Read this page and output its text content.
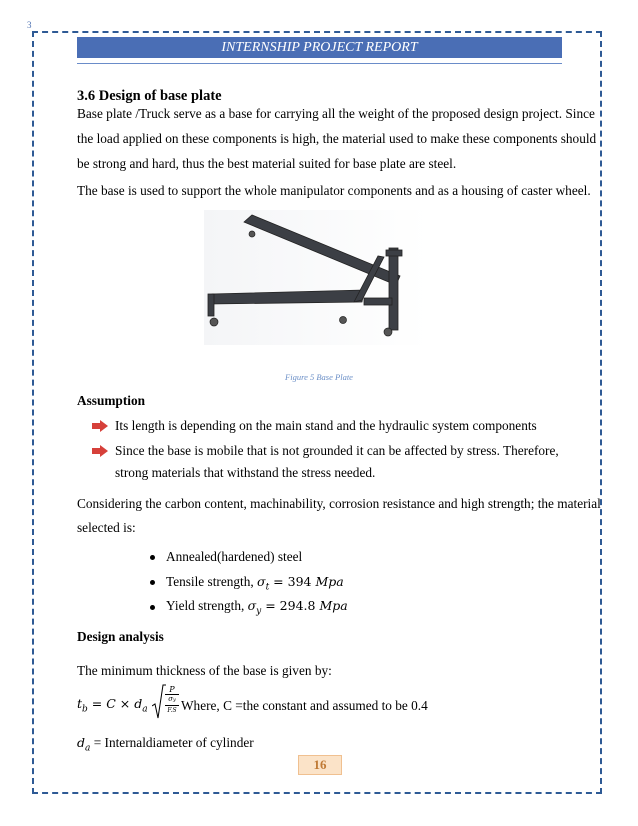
3
INTERNSHIP PROJECT REPORT
3.6 Design of base plate
Base plate /Truck serve as a base for carrying all the weight of the proposed design project. Since
the load applied on these components is high, the material used to make these components should
be strong and hard, thus the best material suited for base plate are steel.
The base is used to support the whole manipulator components and as a housing of caster wheel.
Figure 5 Base Plate
Assumption
Its length is depending on the main stand and the hydraulic system components
Since the base is mobile that is not grounded it can be affected by stress. Therefore,
strong materials that withstand the stress needed.
Considering the carbon content, machinability, corrosion resistance and high strength; the material
selected is:
Annealed(hardened) steel
Tensile strength, $\sigma_t = 394$ Mpa
Yield strength, $\sigma_y = 294.8$ Mpa
Design analysis
The minimum thickness of the base is given by:
$t_b = C \times d_a$
P
σy
F.S Where, C =the constant and assumed to be 0.4
$d_a$ = Internaldiameter of cylinder
16
